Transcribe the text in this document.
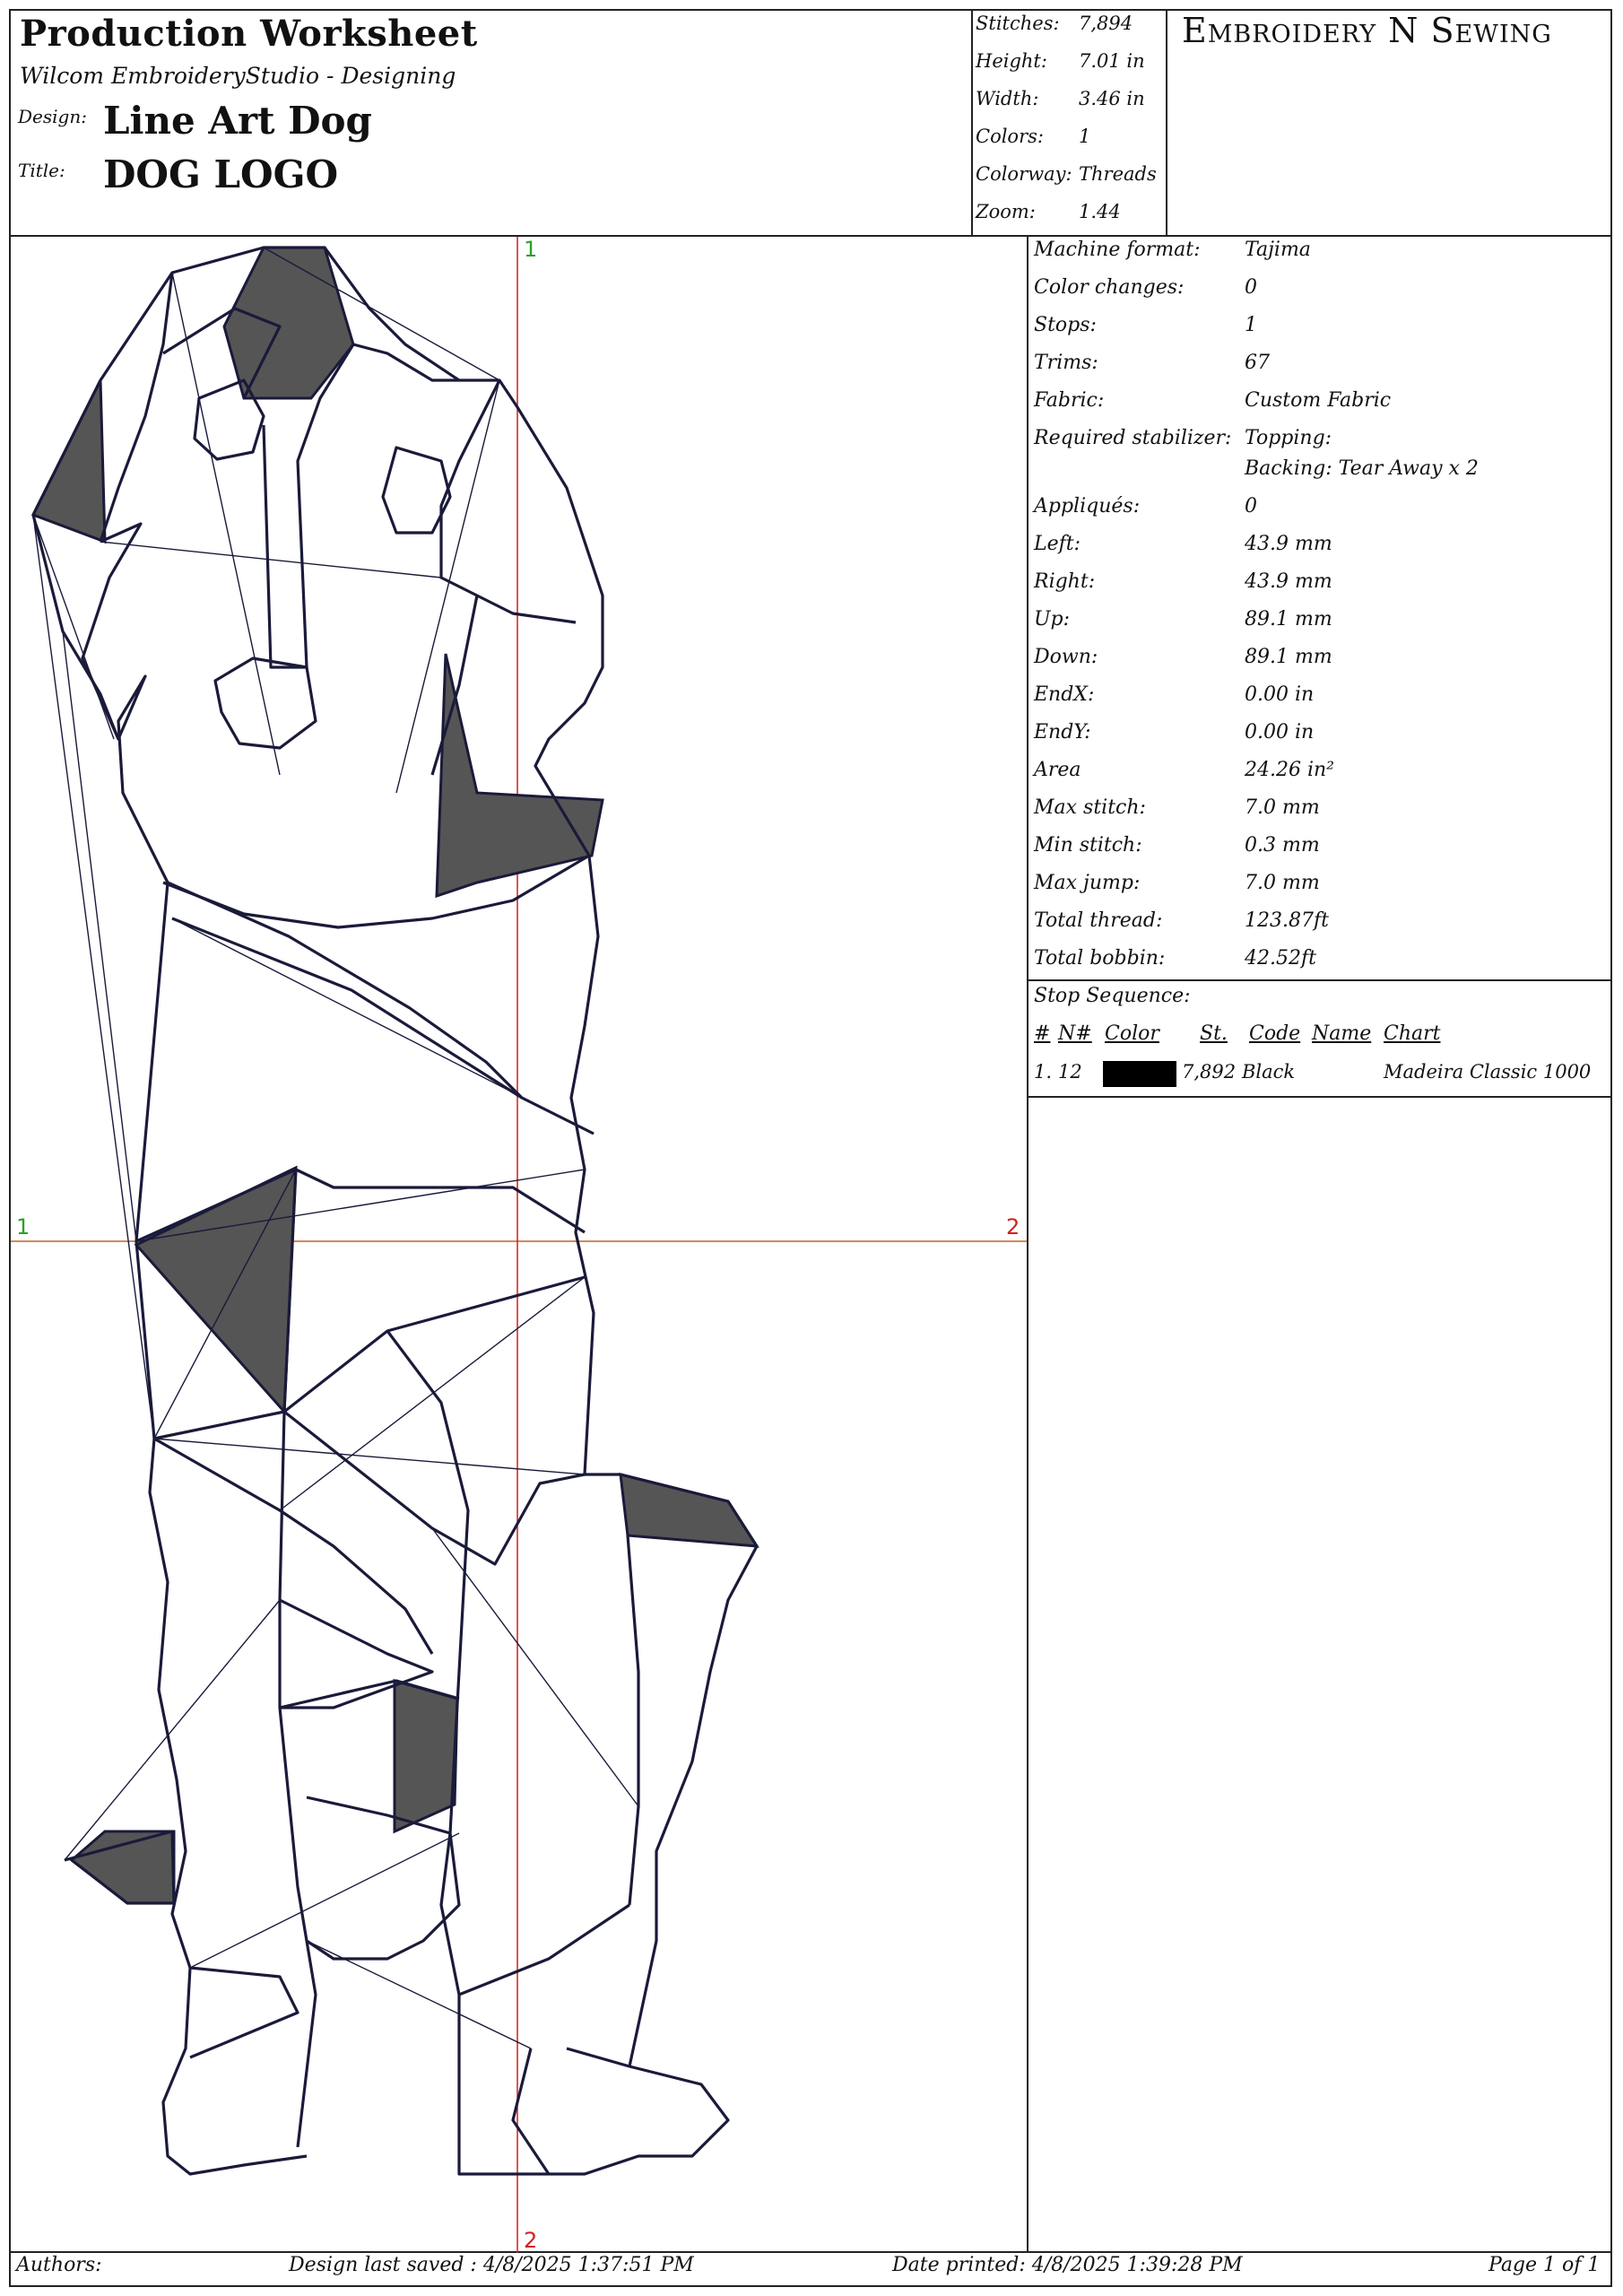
Production Worksheet
Wilcom EmbroideryStudio - Designing
Design: Line Art Dog
Title: DOG LOGO
Stitches: 7,894
Height: 7.01 in
Width: 3.46 in
Colors: 1
Colorway: Threads
Zoom: 1.44
Embroidery N Sewing
Machine format: Tajima
Color changes:	0
Stops:	1
Trims:	67
Fabric:	Custom Fabric
Required stabilizer: Topping:
Backing: Tear Away x 2
Appliqués:	0
Left:	43.9 mm
Right:	43.9 mm
Up:	89.1 mm
Down:	89.1 mm
EndX:	0.00 in
EndY:	0.00 in
Area	24.26 in²
Max stitch:	7.0 mm
Min stitch:	0.3 mm
Max jump:	7.0 mm
Total thread:	123.87ft
Total bobbin:	42.52ft
Stop Sequence:
# N# Color St. Code Name Chart
1. 12	7,892 Black	Madeira Classic 1000
1	2
1
2
Authors:	Design last saved : 4/8/2025 1:37:51 PM	Date printed: 4/8/2025 1:39:28 PM	Page 1 of 1
